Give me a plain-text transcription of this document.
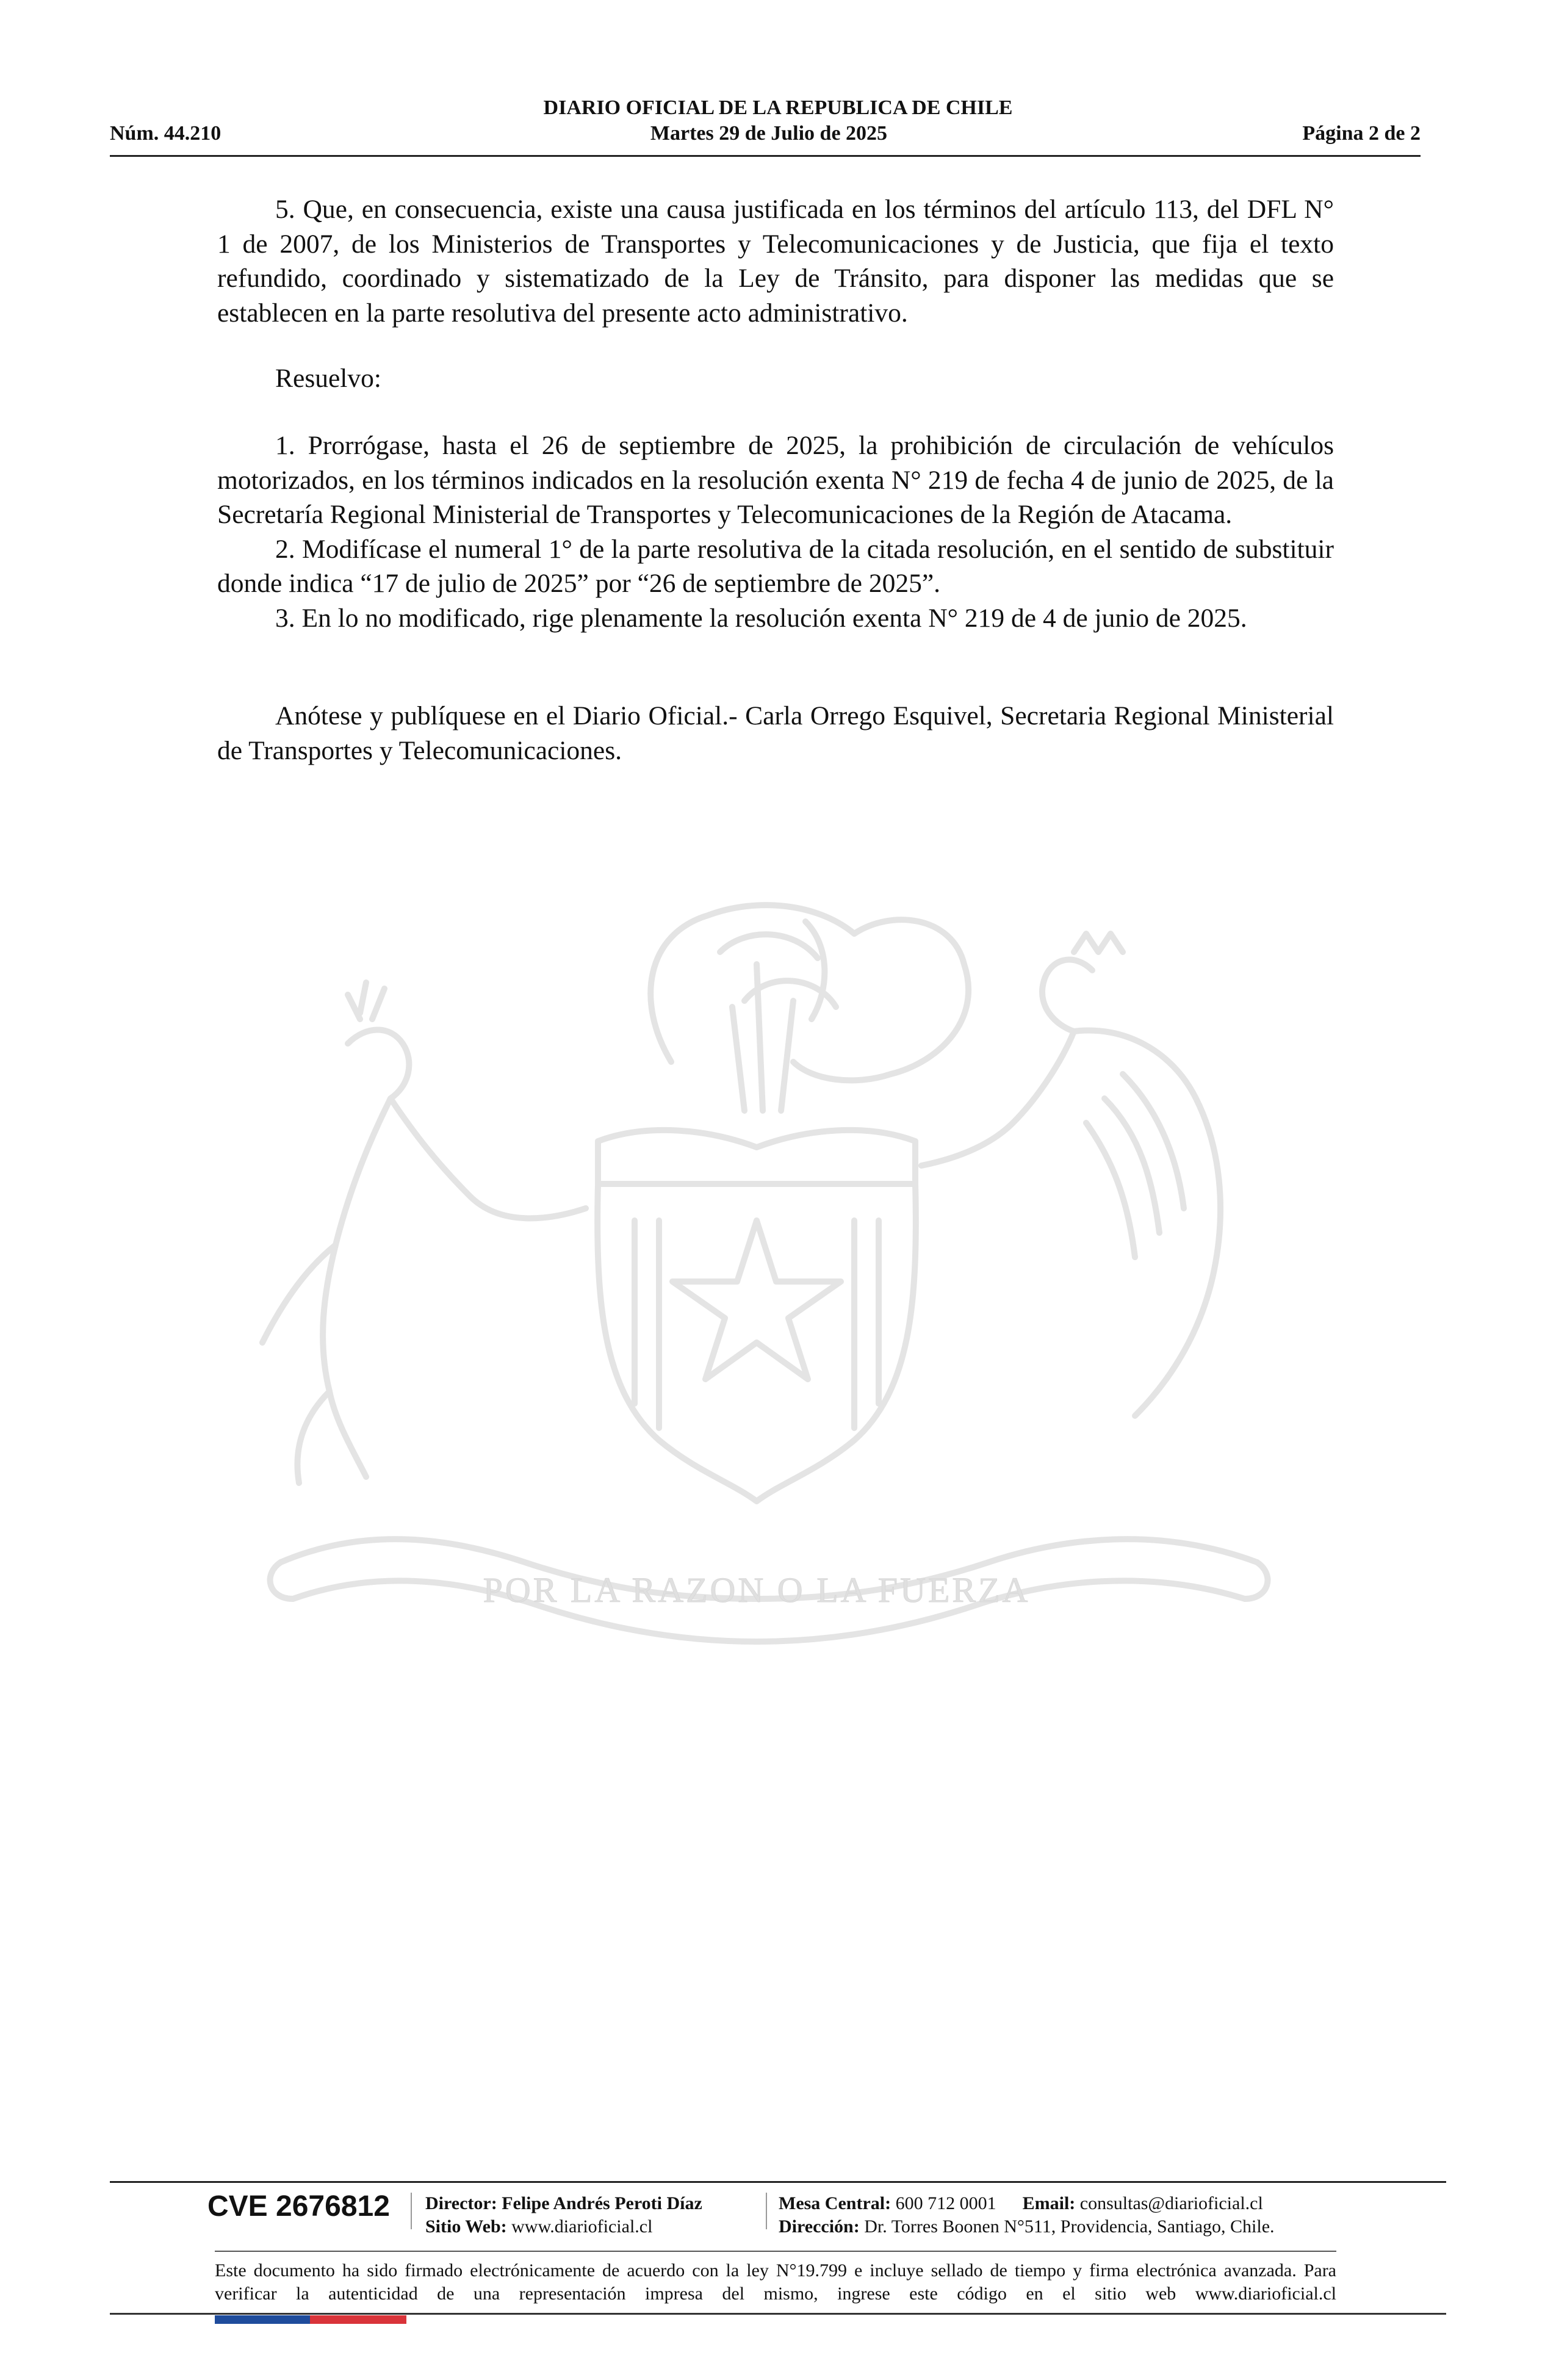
DIARIO OFICIAL DE LA REPUBLICA DE CHILE
Núm. 44.210	Martes 29 de Julio de 2025	Página 2 de 2
POR LA RAZON O LA FUERZA

5. Que, en consecuencia, existe una causa justificada en los términos del artículo 113, del DFL N° 1 de 2007, de los Ministerios de Transportes y Telecomunicaciones y de Justicia, que fija el texto refundido, coordinado y sistematizado de la Ley de Tránsito, para disponer las medidas que se establecen en la parte resolutiva del presente acto administrativo.

Resuelvo:

1. Prorrógase, hasta el 26 de septiembre de 2025, la prohibición de circulación de vehículos motorizados, en los términos indicados en la resolución exenta N° 219 de fecha 4 de junio de 2025, de la Secretaría Regional Ministerial de Transportes y Telecomunicaciones de la Región de Atacama.

2. Modifícase el numeral 1° de la parte resolutiva de la citada resolución, en el sentido de substituir donde indica “17 de julio de 2025” por “26 de septiembre de 2025”.

3. En lo no modificado, rige plenamente la resolución exenta N° 219 de 4 de junio de 2025.

Anótese y publíquese en el Diario Oficial.- Carla Orrego Esquivel, Secretaria Regional Ministerial de Transportes y Telecomunicaciones.

CVE 2676812 Director: Felipe Andrés Peroti Díaz
Sitio Web: www.diarioficial.cl
Mesa Central: 600 712 0001 Email: consultas@diarioficial.cl
Dirección: Dr. Torres Boonen N°511, Providencia, Santiago, Chile.
Este documento ha sido firmado electrónicamente de acuerdo con la ley N°19.799 e incluye sellado de tiempo y firma electrónica avanzada. Para verificar la autenticidad de una representación impresa del mismo, ingrese este código en el sitio web www.diarioficial.cl
